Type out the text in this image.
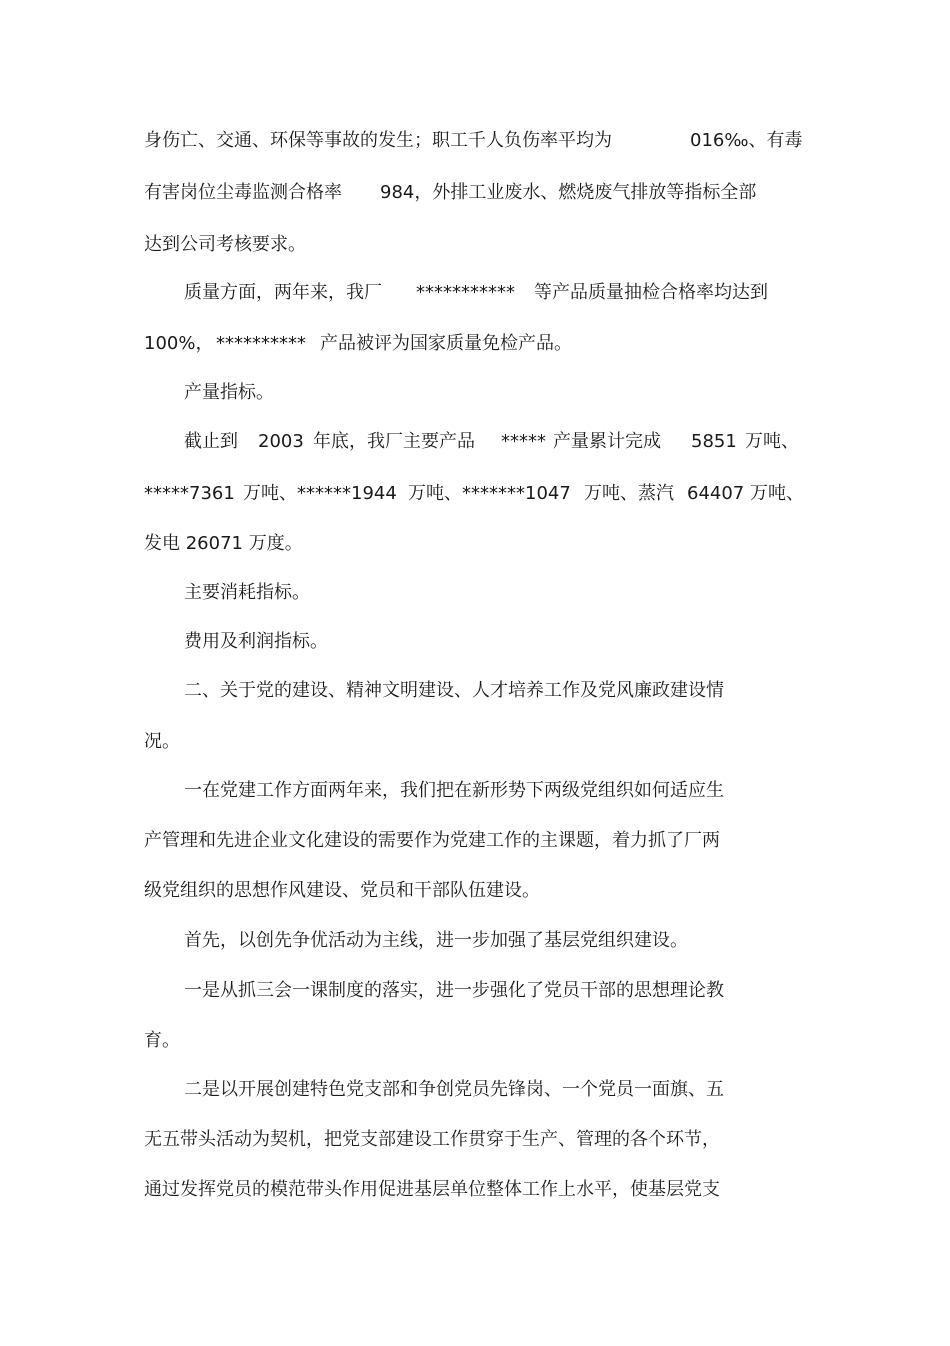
身伤亡、交通、环保等事故的发生；职工千人负伤率平均为	016‰、有毒
有害岗位尘毒监测合格率 984，外排工业废水、燃烧废气排放等指标全部
达到公司考核要求。
质量方面，两年来，我厂 *********** 等产品质量抽检合格率均达到
100%， ********** 产品被评为国家质量免检产品。
产量指标。
截止到 2003 年底，我厂主要产品 ***** 产量累计完成 5851 万吨、
*****7361 万吨、******1944 万吨、*******1047 万吨、蒸汽 64407 万吨、
发电 26071 万度。
主要消耗指标。
费用及利润指标。
二、关于党的建设、精神文明建设、人才培养工作及党风廉政建设情
况。
一在党建工作方面两年来，我们把在新形势下两级党组织如何适应生
产管理和先进企业文化建设的需要作为党建工作的主课题，着力抓了厂两
级党组织的思想作风建设、党员和干部队伍建设。
首先，以创先争优活动为主线，进一步加强了基层党组织建设。
一是从抓三会一课制度的落实，进一步强化了党员干部的思想理论教
育。
二是以开展创建特色党支部和争创党员先锋岗、一个党员一面旗、五
无五带头活动为契机，把党支部建设工作贯穿于生产、管理的各个环节，
通过发挥党员的模范带头作用促进基层单位整体工作上水平，使基层党支
